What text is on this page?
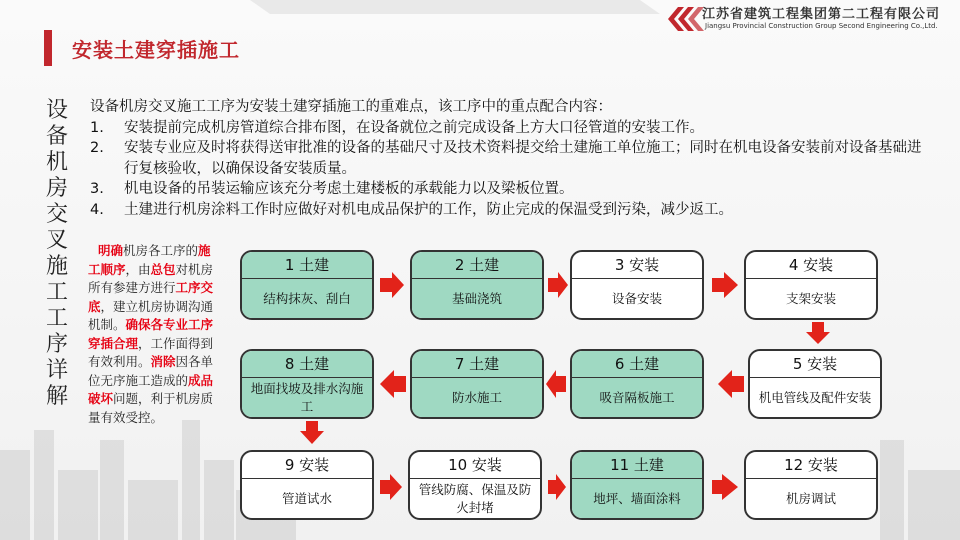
江苏省建筑工程集团第二工程有限公司
Jiangsu Provincial Construction Group Second Engineering Co.,Ltd.
安装土建穿插施工
设备机房交叉施工工序详解
设备机房交叉施工工序为安装土建穿插施工的重难点，该工序中的重点配合内容：
1.	安装提前完成机房管道综合排布图，在设备就位之前完成设备上方大口径管道的安装工作。
2.	安装专业应及时将获得送审批准的设备的基础尺寸及技术资料提交给土建施工单位施工；同时在机电设备安装前对设备基础进行复核验收，以确保设备安装质量。
3.	机电设备的吊装运输应该充分考虑土建楼板的承载能力以及梁板位置。
4.	土建进行机房涂料工作时应做好对机电成品保护的工作，防止完成的保温受到污染，减少返工。
明确机房各工序的施工顺序，由总包对机房所有参建方进行工序交底，建立机房协调沟通机制。确保各专业工序穿插合理，工作面得到有效利用。消除因各单位无序施工造成的成品破坏问题，利于机房质量有效受控。
1 土建
结构抹灰、刮白
2 土建
基础浇筑
3 安装
设备安装
4 安装
支架安装
8 土建
地面找坡及排水沟施工
7 土建
防水施工
6 土建
吸音隔板施工
5 安装
机电管线及配件安装
9 安装
管道试水
10 安装
管线防腐、保温及防火封堵
11 土建
地坪、墙面涂料
12 安装
机房调试
